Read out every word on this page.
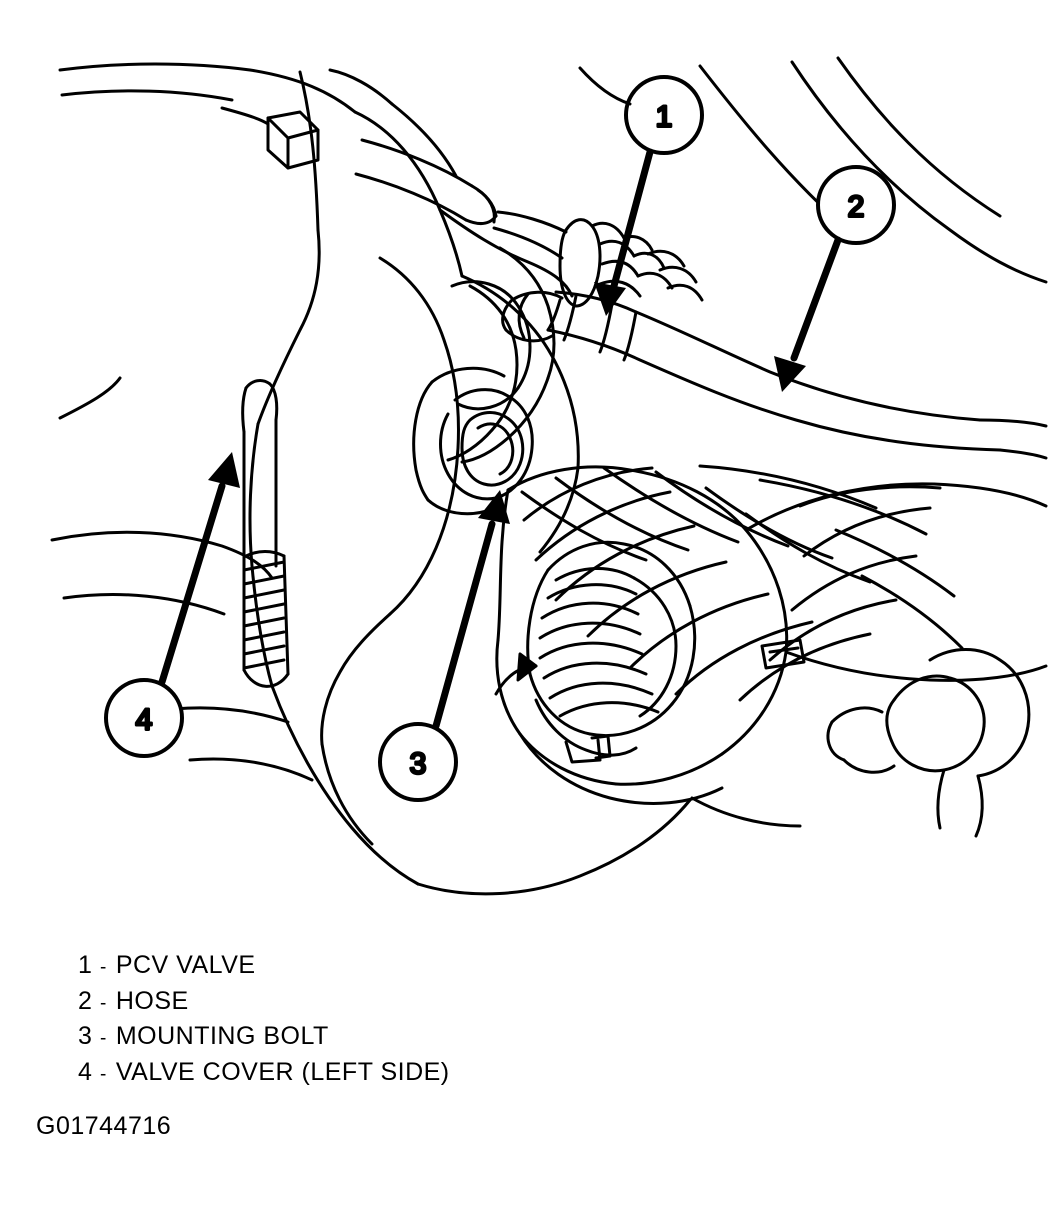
1
2
3
4
1 - PCV VALVE
2 - HOSE
3 - MOUNTING BOLT
4 - VALVE COVER (LEFT SIDE)
G01744716
